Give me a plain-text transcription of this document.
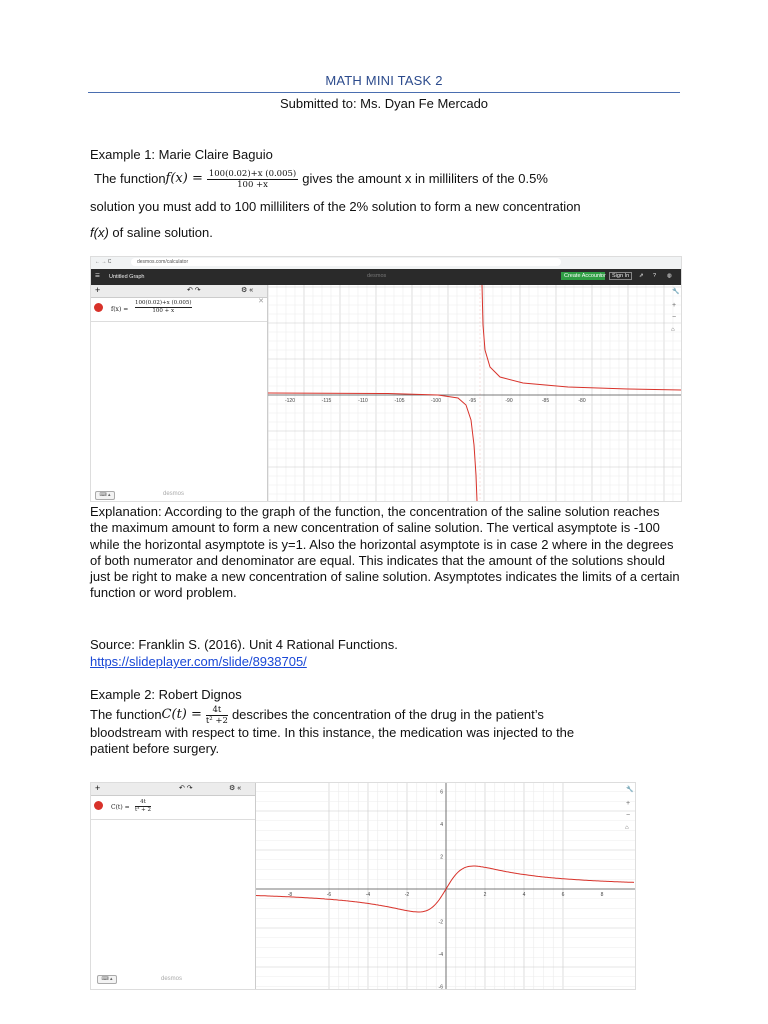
MATH MINI TASK 2
Submitted to: Ms. Dyan Fe Mercado
Example 1: Marie Claire Baguio
The function $f(x) = \frac{100(0.02)+x (0.005)}{100 +x}$ gives the amount x in milliliters of the 0.5%
solution you must add to 100 milliliters of the 2% solution to form a new concentration
f(x) of saline solution.
← → C	desmos.com/calculator
☰ Untitled Graph	desmos	Create Account or	Sign In	⇗ ? ◍
+	↶ ↷	⚙ «
$f(x) = \frac{100(0.02)+x (0.005)}{100 + x}$	✕
⌨ ▴	desmos
-120	-115	-110	-105	-100	-95	-90	-85	-80
🔧
+
−
⌂
Explanation: According to the graph of the function, the concentration of the saline solution reaches the maximum amount to form a new concentration of saline solution. The vertical asymptote is -100 while the horizontal asymptote is y=1. Also the horizontal asymptote is in case 2 where in the degrees of both numerator and denominator are equal. This indicates that the amount of the solutions should just be right to make a new concentration of saline solution. Asymptotes indicates the limits of a certain function or word problem.
Source: Franklin S. (2016). Unit 4 Rational Functions.
https://slideplayer.com/slide/8938705/
Example 2: Robert Dignos
The function $C(t) = \frac{4t}{\text{t² +2}}$ describes the concentration of the drug in the patient’s
bloodstream with respect to time. In this instance, the medication was injected to the
patient before surgery.
+	↶ ↷	⚙ «
$C(t) = \frac{4t}{\text{t² + 2}}$
⌨ ▴	desmos
-8	-6	-4	-2	2	4	6	8
6
4
2
-2
-4
-6
🔧
+
−
⌂
